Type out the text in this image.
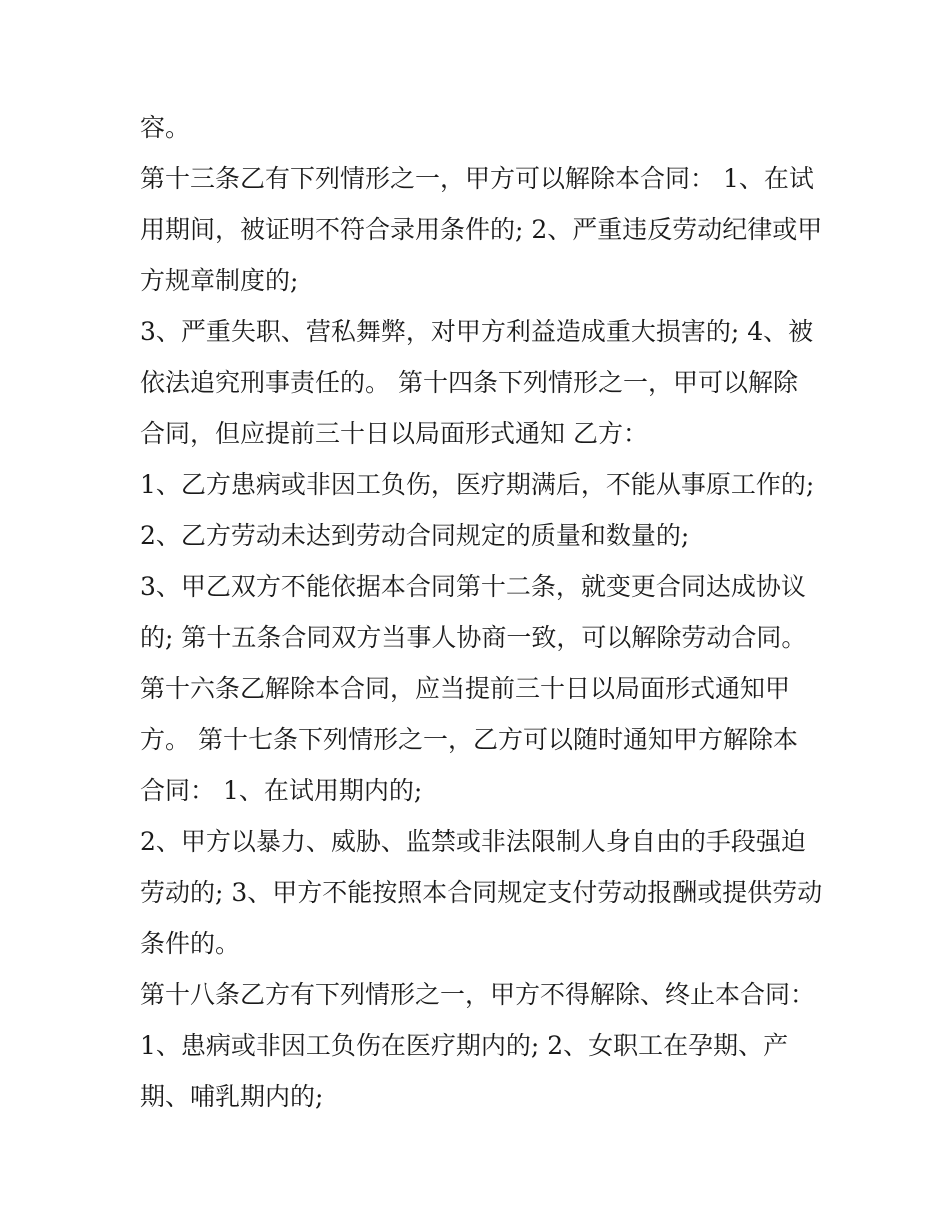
容。

第十三条乙有下列情形之一，甲方可以解除本合同： 1、在试

用期间，被证明不符合录用条件的; 2、严重违反劳动纪律或甲

方规章制度的;

3、严重失职、营私舞弊，对甲方利益造成重大损害的; 4、被

依法追究刑事责任的。 第十四条下列情形之一，甲可以解除

合同，但应提前三十日以局面形式通知 乙方：

1、乙方患病或非因工负伤，医疗期满后，不能从事原工作的;

2、乙方劳动未达到劳动合同规定的质量和数量的;

3、甲乙双方不能依据本合同第十二条，就变更合同达成协议

的; 第十五条合同双方当事人协商一致，可以解除劳动合同。

第十六条乙解除本合同，应当提前三十日以局面形式通知甲

方。 第十七条下列情形之一，乙方可以随时通知甲方解除本

合同： 1、在试用期内的;

2、甲方以暴力、威胁、监禁或非法限制人身自由的手段强迫

劳动的; 3、甲方不能按照本合同规定支付劳动报酬或提供劳动

条件的。

第十八条乙方有下列情形之一，甲方不得解除、终止本合同：

1、患病或非因工负伤在医疗期内的; 2、女职工在孕期、产

期、哺乳期内的;
